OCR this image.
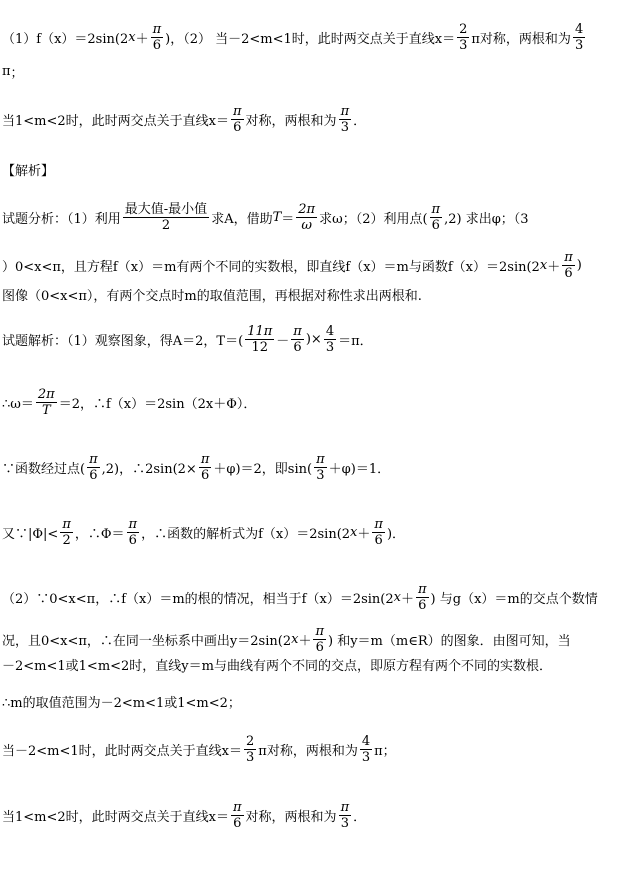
（1）f（x）＝2sin(2 $x + \frac{\pi}{6}$ )，（2） 当－2<m<1时，此时两交点关于直线$x= \frac{2}{3}$ π对称，两根和为 $\frac{4}{3}$
π ；
当1<m<2时，此时两交点关于直线$x= \frac{\pi}{6}$ 对称，两根和为 $\frac{\pi}{3}$ ．
【解析】
试题分析：（1）利用 $\frac{\text{最大值-最小值}}{2}$ 求A，借助 $T = \frac{2\pi}{\omega}$ 求ω；（2）利用点( $\frac{\pi}{6} ,2$) 求出φ；（3
）0<x<π，且方程f（x）＝m有两个不同的实数根，即直线f（x）＝m与函数f（x）＝2sin(2 $x + \frac{\pi}{6}$ )
图像（0<x<π），有两个交点时m的取值范围，再根据对称性求出两根和.
试题解析：（1）观察图象，得A＝2，$T=( \frac{11\pi}{12} - \frac{\pi}{6}$ )× $\frac{4}{3} =\pi$．
∴ω＝ $\frac{2\pi}{T} =2$，∴f（x）＝2sin（2x＋Φ）．
∵函数经过点( $\frac{\pi}{6} ,2$)，∴2sin(2× $\frac{\pi}{6} +\varphi)=2$，即$\sin( \frac{\pi}{3} +\varphi)=1$．
又∵|Φ|< $\frac{\pi}{2}$ ，∴Φ＝ $\frac{\pi}{6}$ ，∴函数的解析式为f（x）＝2sin(2 $x + \frac{\pi}{6}$ )．
（2）∵0<x<π，∴f（x）＝m的根的情况，相当于f（x）＝2sin(2 $x + \frac{\pi}{6}$ ) 与g（x）＝m的交点个数情
况，且0<x<π，∴在同一坐标系中画出y＝2sin(2 $x + \frac{\pi}{6}$ ) 和y＝m（m∈R）的图象．由图可知，当
－2<m<1或1<m<2时，直线y＝m与曲线有两个不同的交点，即原方程有两个不同的实数根．
∴m的取值范围为－2<m<1或1<m<2；
当－2<m<1时，此时两交点关于直线$x= \frac{2}{3}$ π对称，两根和为 $\frac{4}{3}$ π；
当1<m<2时，此时两交点关于直线$x= \frac{\pi}{6}$ 对称，两根和为 $\frac{\pi}{3}$ ．
